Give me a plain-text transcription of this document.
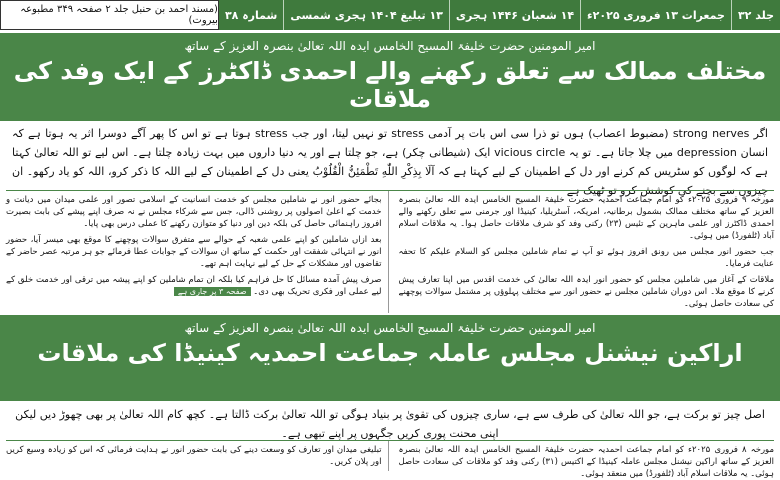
(مسند احمد بن حنبل جلد ۲ صفحہ ۳۴۹ مطبوعہ بیروت)	جلد ۳۲
جمعرات ۱۳ فروری ۲۰۲۵ء
۱۴ شعبان ۱۴۴۶ ہجری
۱۳ تبلیغ ۱۴۰۴ ہجری شمسی
شمارہ ۳۸
امیر المومنین حضرت خلیفۃ المسیح الخامس ایدہ اللہ تعالیٰ بنصرہ العزیز کے ساتھ
مختلف ممالک سے تعلق رکھنے والے احمدی ڈاکٹرز کے ایک وفد کی ملاقات
اگر strong nerves (مضبوط اعصاب) ہوں تو ذرا سی اس بات پر آدمی stress تو نہیں لیتا، اور جب stress ہوتا ہے تو اس کا پھر آگے دوسرا اثر یہ ہوتا ہے کہ انسان depression میں چلا جاتا ہے۔ تو یہ vicious circle ایک (شیطانی چکر) ہے، جو چلتا ہے اور یہ دنیا داروں میں بہت زیادہ چلتا ہے۔ اس لیے تو اللہ تعالیٰ کہتا ہے کہ لوگوں کو سٹریس کم کرنے اور دل کے اطمینان کے لیے کہتا ہے کہ آلَا بِذِكْرِ اللّٰهِ تَطْمَئِنُّ الْقُلُوْبُ یعنی دل کے اطمینان کے لیے اللہ کا ذکر کرو، اللہ کو یاد رکھو۔ ان چیزوں سے بچنے کی کوشش کرو تو ٹھیک ہے

مورخہ ۹ فروری ۲۰۲۵ء کو امام جماعت احمدیہ حضرت خلیفۃ المسیح الخامس ایدہ اللہ تعالیٰ بنصرہ العزیز کے ساتھ مختلف ممالک بشمول برطانیہ، امریکہ، آسٹریلیا، کینیڈا اور جرمنی سے تعلق رکھنے والے احمدی ڈاکٹرز اور علمی ماہرین کے تئیس (۲۳) رکنی وفد کو شرف ملاقات حاصل ہوا۔ یہ ملاقات اسلام آباد (ٹلفورڈ) میں ہوئی۔

جب حضور انور مجلس میں رونق افروز ہوئے تو آپ نے تمام شاملین مجلس کو السلام علیکم کا تحفہ عنایت فرمایا۔

ملاقات کے آغاز میں شاملین مجلس کو حضور انور ایدہ اللہ تعالیٰ کی خدمت اقدس میں اپنا تعارف پیش کرنے کا موقع ملا۔ اس دوران شاملین مجلس نے حضور انور سے مختلف پہلوؤں پر مشتمل سوالات پوچھنے کی سعادت حاصل ہوئی۔

بجائے حضور انور نے شاملین مجلس کو خدمت انسانیت کے اسلامی تصور اور علمی میدان میں دیانت و خدمت کے اعلیٰ اصولوں پر روشنی ڈالی، جس سے شرکاء مجلس نے نہ صرف اپنے پیشے کی بابت بصیرت افروز راہنمائی حاصل کی بلکہ دین اور دنیا کو متوازن رکھنے کا عملی درس بھی پایا۔

بعد ازاں شاملین کو اپنے علمی شعبہ کے حوالے سے متفرق سوالات پوچھنے کا موقع بھی میسر آیا، حضور انور نے انتہائی شفقت اور حکمت کے ساتھ ان سوالات کے جوابات عطا فرمائے جو ہر مرتبہ عصر حاضر کے تقاضوں اور مشکلات کے حل کے لیے نہایت اہم تھے۔

صرف پیش آمدہ مسائل کا حل فراہم کیا بلکہ ان تمام شاملین کو اپنے پیشہ میں ترقی اور خدمت خلق کے لیے عملی اور فکری تحریک بھی دی۔ صفحہ ۳ پر جاری ہے

امیر المومنین حضرت خلیفۃ المسیح الخامس ایدہ اللہ تعالیٰ بنصرہ العزیز کے ساتھ
اراکین نیشنل مجلس عاملہ جماعت احمدیہ کینیڈا کی ملاقات
اصل چیز تو برکت ہے، جو اللہ تعالیٰ کی طرف سے ہے، ساری چیزوں کی تقویٰ پر بنیاد ہوگی تو اللہ تعالیٰ برکت ڈالتا ہے۔ کچھ کام اللہ تعالیٰ پر بھی چھوڑ دیں لیکن اپنی محنت پوری کریں جگہوں پر اپنے تبھی ہے۔

مورخہ ۸ فروری ۲۰۲۵ء کو امام جماعت احمدیہ حضرت خلیفۃ المسیح الخامس ایدہ اللہ تعالیٰ بنصرہ العزیز کے ساتھ اراکین نیشنل مجلس عاملہ کینیڈا کے اکتیس (۳۱) رکنی وفد کو ملاقات کی سعادت حاصل ہوئی۔ یہ ملاقات اسلام آباد (ٹلفورڈ) میں منعقد ہوئی۔

تبلیغی میدان اور تعارف کو وسعت دینے کی بابت حضور انور نے ہدایت فرمائی کہ اس کو زیادہ وسیع کریں اور پلان کریں۔
